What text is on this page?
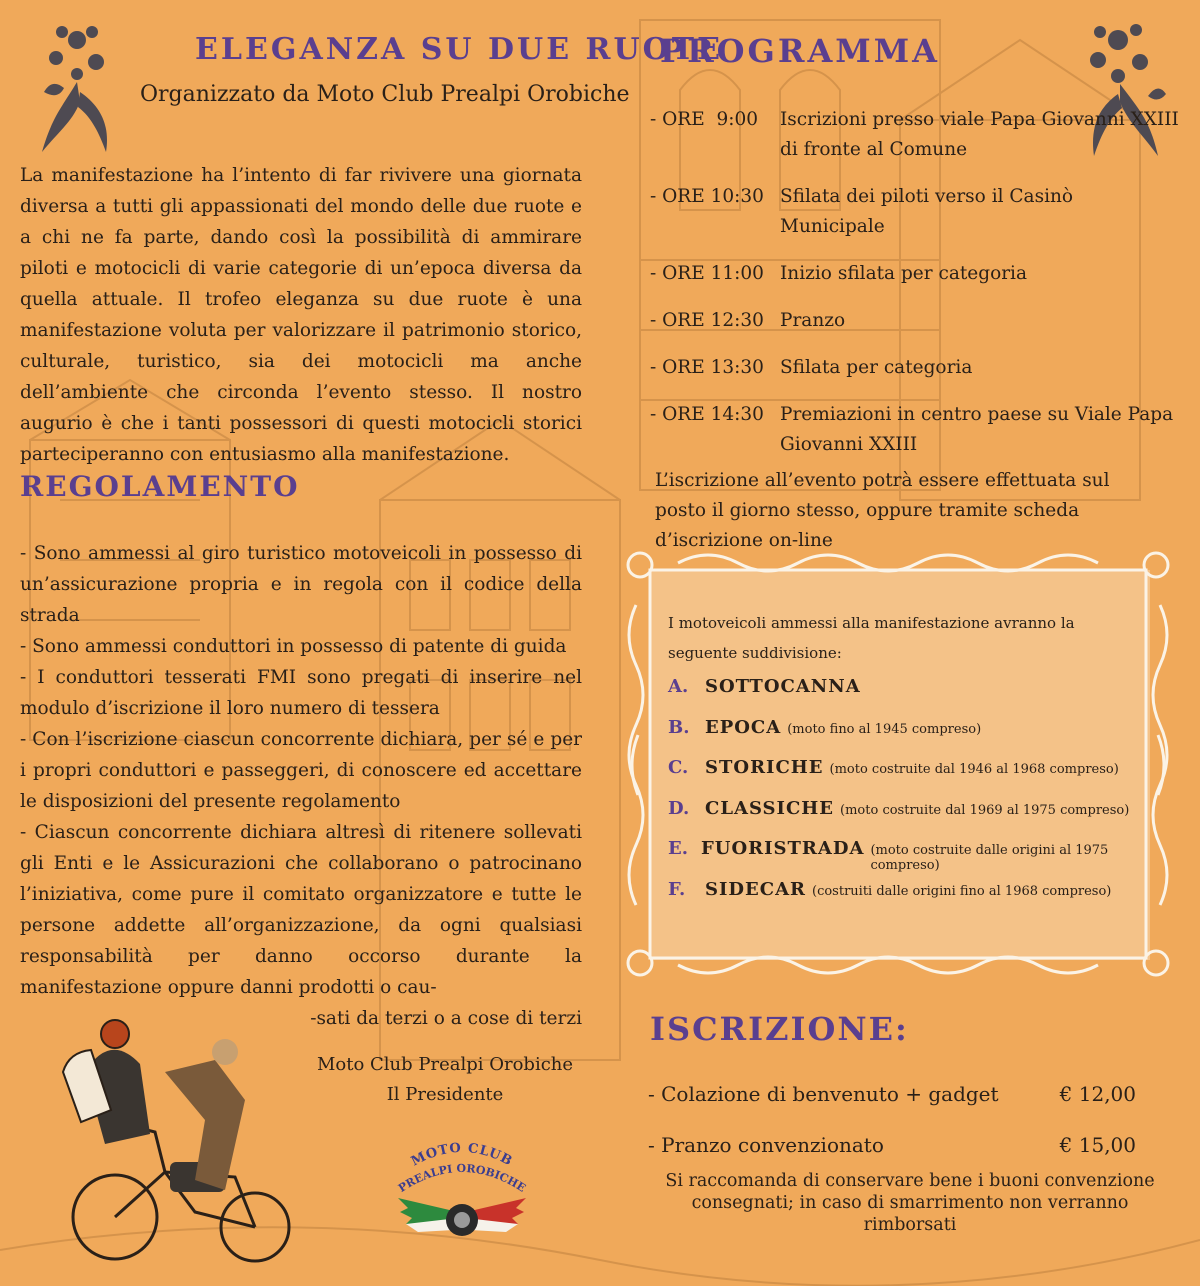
ELEGANZA SU DUE RUOTE

Organizzato da Moto Club Prealpi Orobiche

La manifestazione ha l’intento di far rivivere una giornata diversa a tutti gli appassionati del mondo delle due ruote e a chi ne fa parte, dando così la possibilità di ammirare piloti e motocicli di varie categorie di un’epoca diversa da quella attuale. Il trofeo eleganza su due ruote è una manifestazione voluta per valorizzare il patrimonio storico, culturale, turistico, sia dei motocicli ma anche dell’ambiente che circonda l’evento stesso. Il nostro augurio è che i tanti possessori di questi motocicli storici parteciperanno con entusiasmo alla manifestazione.

REGOLAMENTO

- Sono ammessi al giro turistico motoveicoli in possesso di un’assicurazione propria e in regola con il codice della strada

- Sono ammessi conduttori in possesso di patente di guida

- I conduttori tesserati FMI sono pregati di inserire nel modulo d’iscrizione il loro numero di tessera

- Con l’iscrizione ciascun concorrente dichiara, per sé e per i propri conduttori e passeggeri, di conoscere ed accettare le disposizioni del presente regolamento

- Ciascun concorrente dichiara altresì di ritenere sollevati gli Enti e le Assicurazioni che collaborano o patrocinano l’iniziativa, come pure il comitato organizzatore e tutte le persone addette all’organizzazione, da ogni qualsiasi responsabilità per danno occorso durante la manifestazione oppure danni prodotti o cau-

-sati da terzi o a cose di terzi

Moto Club Prealpi Orobiche
Il Presidente

MOTO CLUB
PREALPI OROBICHE
PROGRAMMA
- ORE  9:00	Iscrizioni presso viale Papa Giovanni XXIII di fronte al Comune
- ORE 10:30 Sfilata dei piloti verso il Casinò Municipale
- ORE 11:00 Inizio sfilata per categoria
- ORE 12:30 Pranzo
- ORE 13:30 Sfilata per categoria
- ORE 14:30 Premiazioni in centro paese su Viale Papa Giovanni XXIII

L’iscrizione all’evento potrà essere effettuata sul posto il giorno stesso, oppure tramite scheda d’iscrizione on-line

I motoveicoli ammessi alla manifestazione avranno la seguente suddivisione:

A. SOTTOCANNA
B. EPOCA (moto fino al 1945 compreso)
C. STORICHE (moto costruite dal 1946 al 1968 compreso)
D. CLASSICHE (moto costruite dal 1969 al 1975 compreso)
E. FUORISTRADA (moto costruite dalle origini al 1975 compreso)
F.	SIDECAR (costruiti dalle origini fino al 1968 compreso)
ISCRIZIONE:
- Colazione di benvenuto + gadget	€ 12,00
- Pranzo convenzionato	€ 15,00

Si raccomanda di conservare bene i buoni convenzione consegnati; in caso di smarrimento non verranno rimborsati
